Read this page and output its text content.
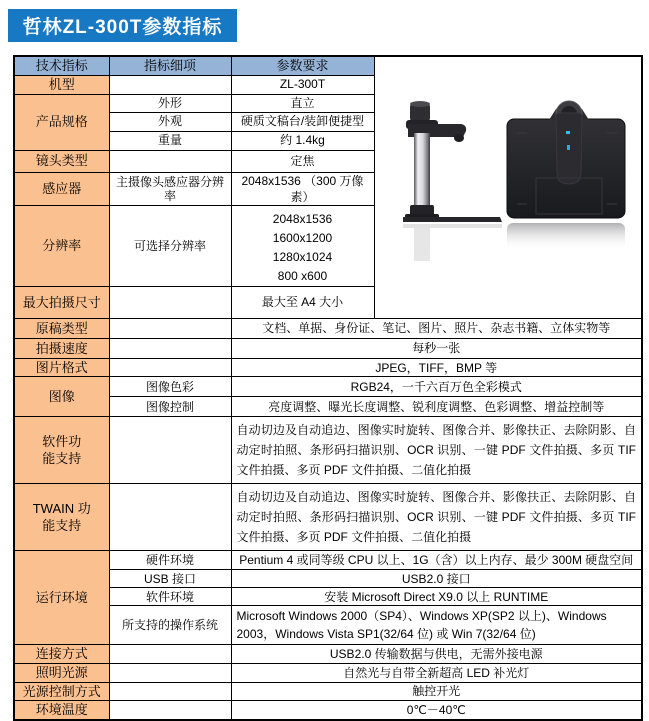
哲林ZL-300T参数指标
技术指标	指标细项	参数要求	
机型		ZL-300T	
产品规格	外形	直立	
	外观	硬质文稿台/装卸便捷型	
	重量	约 1.4kg	
镜头类型		定焦	
感应器	主摄像头感应器分辨率	2048x1536 （300 万像素）	
分辨率	可选择分辨率	2048x1536
1600x1200
1280x1024
800 x600	

最大拍摄尺寸		最大至 A4 大小	
原稿类型		文档、单据、身份证、笔记、图片、照片、杂志书籍、立体实物等	
拍摄速度		每秒一张	
图片格式		JPEG，TIFF，BMP 等	
图像	图像色彩	RGB24，一千六百万色全彩模式	
	图像控制	亮度调整、曝光长度调整、锐利度调整、色彩调整、增益控制等	

软件功
能支持		自动切边及自动追边、图像实时旋转、图像合并、影像扶正、去除阴影、自动定时拍照、条形码扫描识别、OCR 识别、一键 PDF 文件拍摄、多页 TIF 文件拍摄、多页 PDF 文件拍摄、二值化拍摄	

TWAIN 功
能支持		自动切边及自动追边、图像实时旋转、图像合并、影像扶正、去除阴影、自动定时拍照、条形码扫描识别、OCR 识别、一键 PDF 文件拍摄、多页 TIF 文件拍摄、多页 PDF 文件拍摄、二值化拍摄	
运行环境	硬件环境	Pentium 4 或同等级 CPU 以上、1G（含）以上内存、最少 300M 硬盘空间	
	USB 接口	USB2.0 接口	
	软件环境	安装 Microsoft Direct X9.0 以上 RUNTIME	
	所支持的操作系统	Microsoft Windows 2000（SP4）、Windows XP(SP2 以上)、Windows 2003，Windows Vista SP1(32/64 位) 或 Win 7(32/64 位)	
连接方式		USB2.0 传输数据与供电，无需外接电源	
照明光源		自然光与自带全新超高 LED 补光灯	
光源控制方式		触控开光	
环境温度		0℃－40℃	
